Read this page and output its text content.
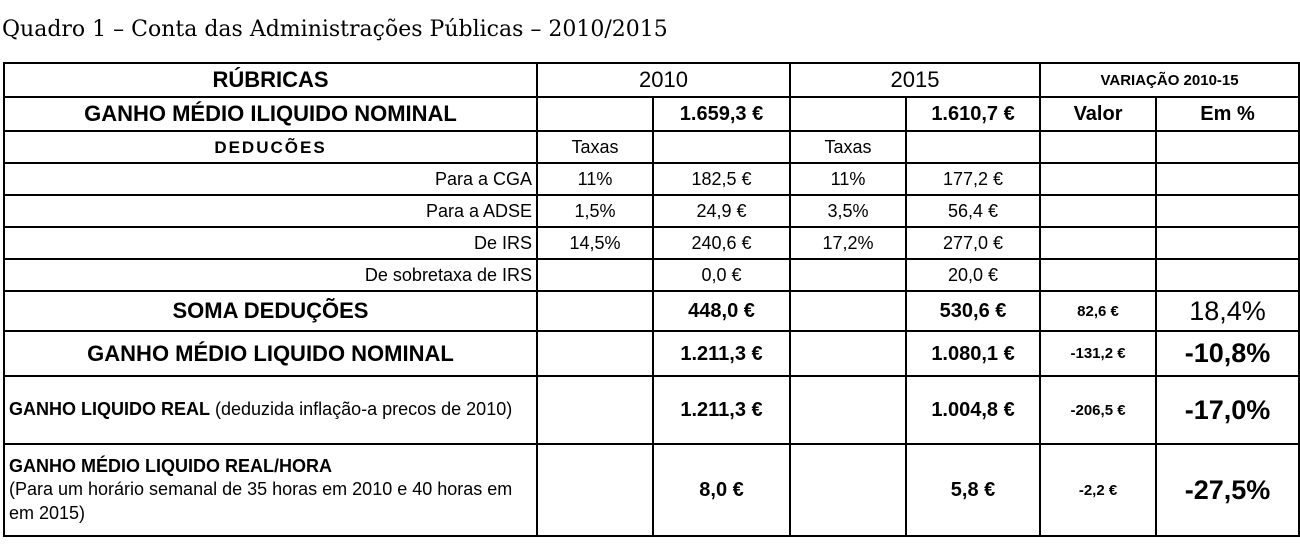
Quadro 1 – Conta das Administrações Públicas – 2010/2015
RÚBRICAS	2010		2015		VARIAÇÃO 2010-15	
GANHO MÉDIO ILIQUIDO NOMINAL		1.659,3 €		1.610,7 €	Valor	Em %
DEDUCÕES	Taxas		Taxas			
Para a CGA	11%	182,5 €	11%	177,2 €		
Para a ADSE	1,5%	24,9 €	3,5%	56,4 €		
De IRS	14,5%	240,6 €	17,2%	277,0 €		
De sobretaxa de IRS		0,0 €		20,0 €		
SOMA DEDUÇÕES		448,0 €		530,6 €	82,6 €	18,4%
GANHO MÉDIO LIQUIDO NOMINAL		1.211,3 €		1.080,1 €	-131,2 €	-10,8%
GANHO LIQUIDO REAL (deduzida inflação-a precos de 2010)		1.211,3 €		1.004,8 €	-206,5 €	-17,0%
GANHO MÉDIO LIQUIDO REAL/HORA
(Para um horário semanal de 35 horas em 2010 e 40 horas em em 2015)		8,0 €		5,8 €	-2,2 €	-27,5%
